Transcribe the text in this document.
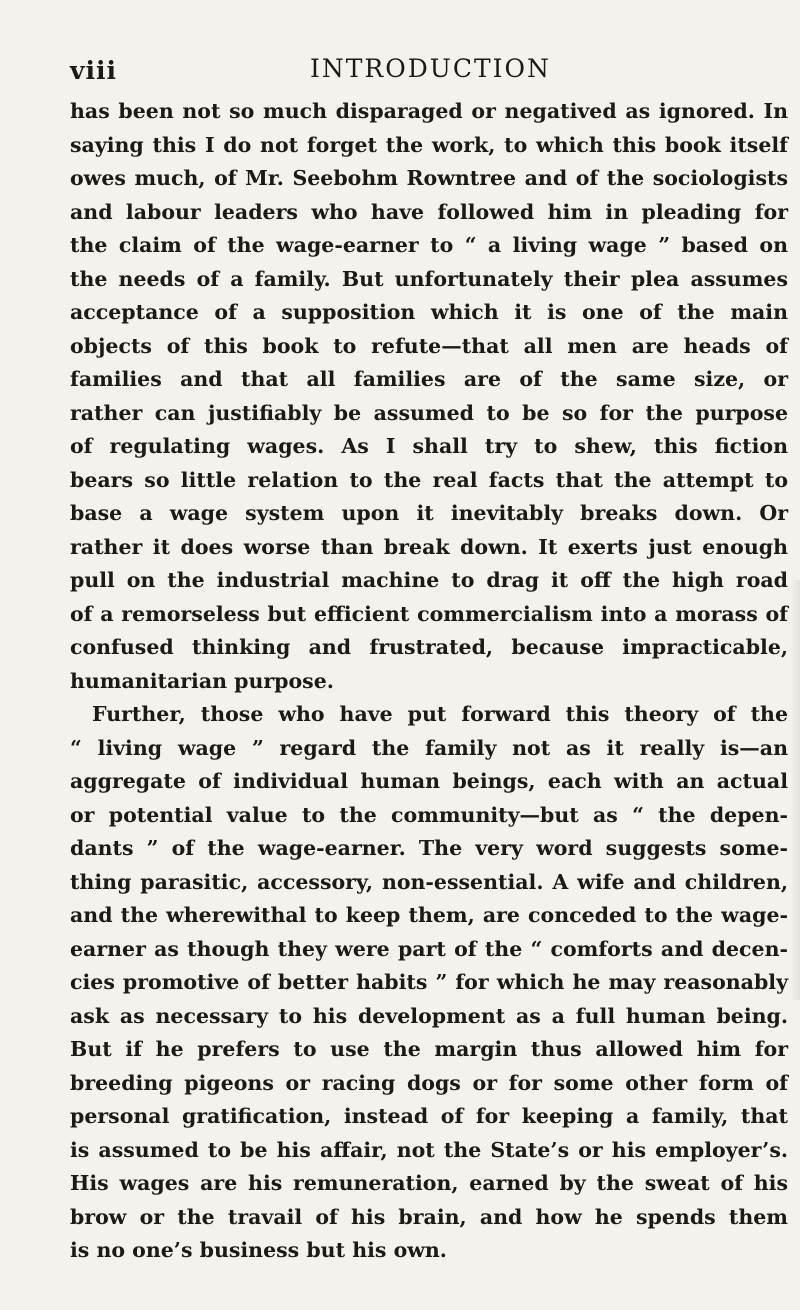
viii	INTRODUCTION
has been not so much disparaged or negatived as ignored. In
saying this I do not forget the work, to which this book itself
owes much, of Mr. Seebohm Rowntree and of the sociologists
and labour leaders who have followed him in pleading for
the claim of the wage-earner to “ a living wage ” based on
the needs of a family. But unfortunately their plea assumes
acceptance of a supposition which it is one of the main
objects of this book to refute—that all men are heads of
families and that all families are of the same size, or
rather can justifiably be assumed to be so for the purpose
of regulating wages. As I shall try to shew, this fiction
bears so little relation to the real facts that the attempt to
base a wage system upon it inevitably breaks down. Or
rather it does worse than break down. It exerts just enough
pull on the industrial machine to drag it off the high road
of a remorseless but efficient commercialism into a morass of
confused thinking and frustrated, because impracticable,
humanitarian purpose.
Further, those who have put forward this theory of the
“ living wage ” regard the family not as it really is—an
aggregate of individual human beings, each with an actual
or potential value to the community—but as “ the depen-
dants ” of the wage-earner. The very word suggests some-
thing parasitic, accessory, non-essential. A wife and children,
and the wherewithal to keep them, are conceded to the wage-
earner as though they were part of the “ comforts and decen-
cies promotive of better habits ” for which he may reasonably
ask as necessary to his development as a full human being.
But if he prefers to use the margin thus allowed him for
breeding pigeons or racing dogs or for some other form of
personal gratification, instead of for keeping a family, that
is assumed to be his affair, not the State’s or his employer’s.
His wages are his remuneration, earned by the sweat of his
brow or the travail of his brain, and how he spends them
is no one’s business but his own.
